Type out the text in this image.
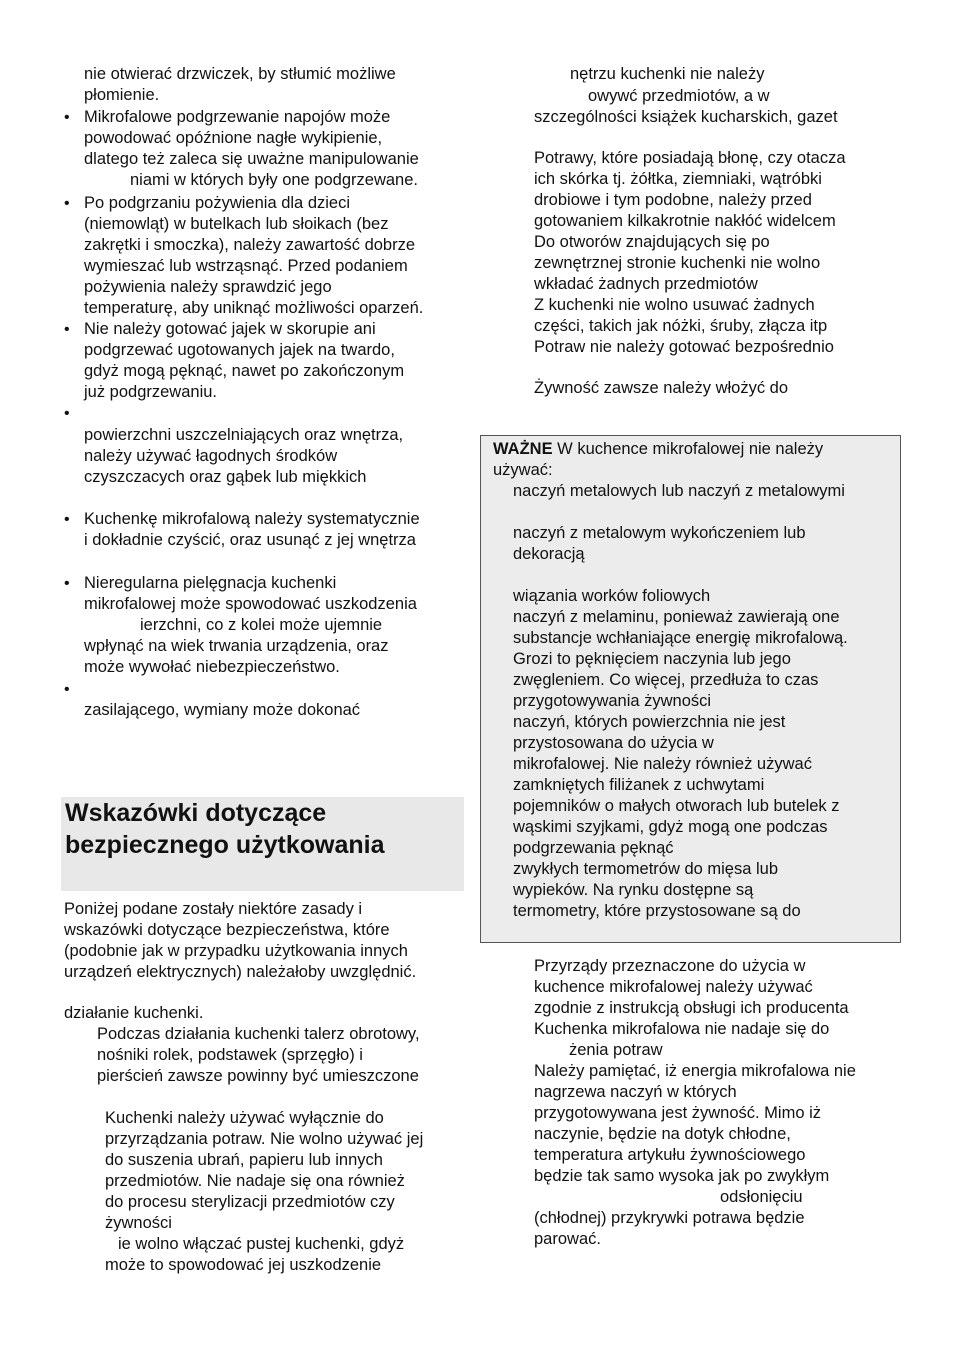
nie otwierać drzwiczek, by stłumić możliwe
płomienie.
• Mikrofalowe podgrzewanie napojów może
powodować opóźnione nagłe wykipienie,
dlatego też zaleca się uważne manipulowanie
niami w których były one podgrzewane.
• Po podgrzaniu pożywienia dla dzieci
(niemowląt) w butelkach lub słoikach (bez
zakrętki i smoczka), należy zawartość dobrze
wymieszać lub wstrząsnąć. Przed podaniem
pożywienia należy sprawdzić jego
temperaturę, aby uniknąć możliwości oparzeń.
• Nie należy gotować jajek w skorupie ani
podgrzewać ugotowanych jajek na twardo,
gdyż mogą pęknąć, nawet po zakończonym
już podgrzewaniu.
•
powierzchni uszczelniających oraz wnętrza,
należy używać łagodnych środków
czyszczacych oraz gąbek lub miękkich
• Kuchenkę mikrofalową należy systematycznie
i dokładnie czyścić, oraz usunąć z jej wnętrza
• Nieregularna pielęgnacja kuchenki
mikrofalowej może spowodować uszkodzenia
ierzchni, co z kolei może ujemnie
wpłynąć na wiek trwania urządzenia, oraz
może wywołać niebezpieczeństwo.
•
zasilającego, wymiany może dokonać
Wskazówki dotyczące
bezpiecznego użytkowania
Poniżej podane zostały niektóre zasady i
wskazówki dotyczące bezpieczeństwa, które
(podobnie jak w przypadku użytkowania innych
urządzeń elektrycznych) należałoby uwzględnić.
działanie kuchenki.
Podczas działania kuchenki talerz obrotowy,
nośniki rolek, podstawek (sprzęgło) i
pierścień zawsze powinny być umieszczone
Kuchenki należy używać wyłącznie do
przyrządzania potraw. Nie wolno używać jej
do suszenia ubrań, papieru lub innych
przedmiotów. Nie nadaje się ona również
do procesu sterylizacji przedmiotów czy
żywności
ie wolno włączać pustej kuchenki, gdyż
może to spowodować jej uszkodzenie
nętrzu kuchenki nie należy
owywć przedmiotów, a w
szczególności książek kucharskich, gazet
Potrawy, które posiadają błonę, czy otacza
ich skórka tj. żółtka, ziemniaki, wątróbki
drobiowe i tym podobne, należy przed
gotowaniem kilkakrotnie nakłóć widelcem
Do otworów znajdujących się po
zewnętrznej stronie kuchenki nie wolno
wkładać żadnych przedmiotów
Z kuchenki nie wolno usuwać żadnych
części, takich jak nóżki, śruby, złącza itp
Potraw nie należy gotować bezpośrednio
Żywność zawsze należy włożyć do
WAŻNE W kuchence mikrofalowej nie należy
używać:
naczyń metalowych lub naczyń z metalowymi
naczyń z metalowym wykończeniem lub
dekoracją
wiązania worków foliowych
naczyń z melaminu, ponieważ zawierają one
substancje wchłaniające energię mikrofalową.
Grozi to pęknięciem naczynia lub jego
zwęgleniem. Co więcej, przedłuża to czas
przygotowywania żywności
naczyń, których powierzchnia nie jest
przystosowana do użycia w
mikrofalowej. Nie należy również używać
zamkniętych filiżanek z uchwytami
pojemników o małych otworach lub butelek z
wąskimi szyjkami, gdyż mogą one podczas
podgrzewania pęknąć
zwykłych termometrów do mięsa lub
wypieków. Na rynku dostępne są
termometry, które przystosowane są do
Przyrządy przeznaczone do użycia w
kuchence mikrofalowej należy używać
zgodnie z instrukcją obsługi ich producenta
Kuchenka mikrofalowa nie nadaje się do
żenia potraw
Należy pamiętać, iż energia mikrofalowa nie
nagrzewa naczyń w których
przygotowywana jest żywność. Mimo iż
naczynie, będzie na dotyk chłodne,
temperatura artykułu żywnościowego
będzie tak samo wysoka jak po zwykłym
odsłonięciu
(chłodnej) przykrywki potrawa będzie
parować.
